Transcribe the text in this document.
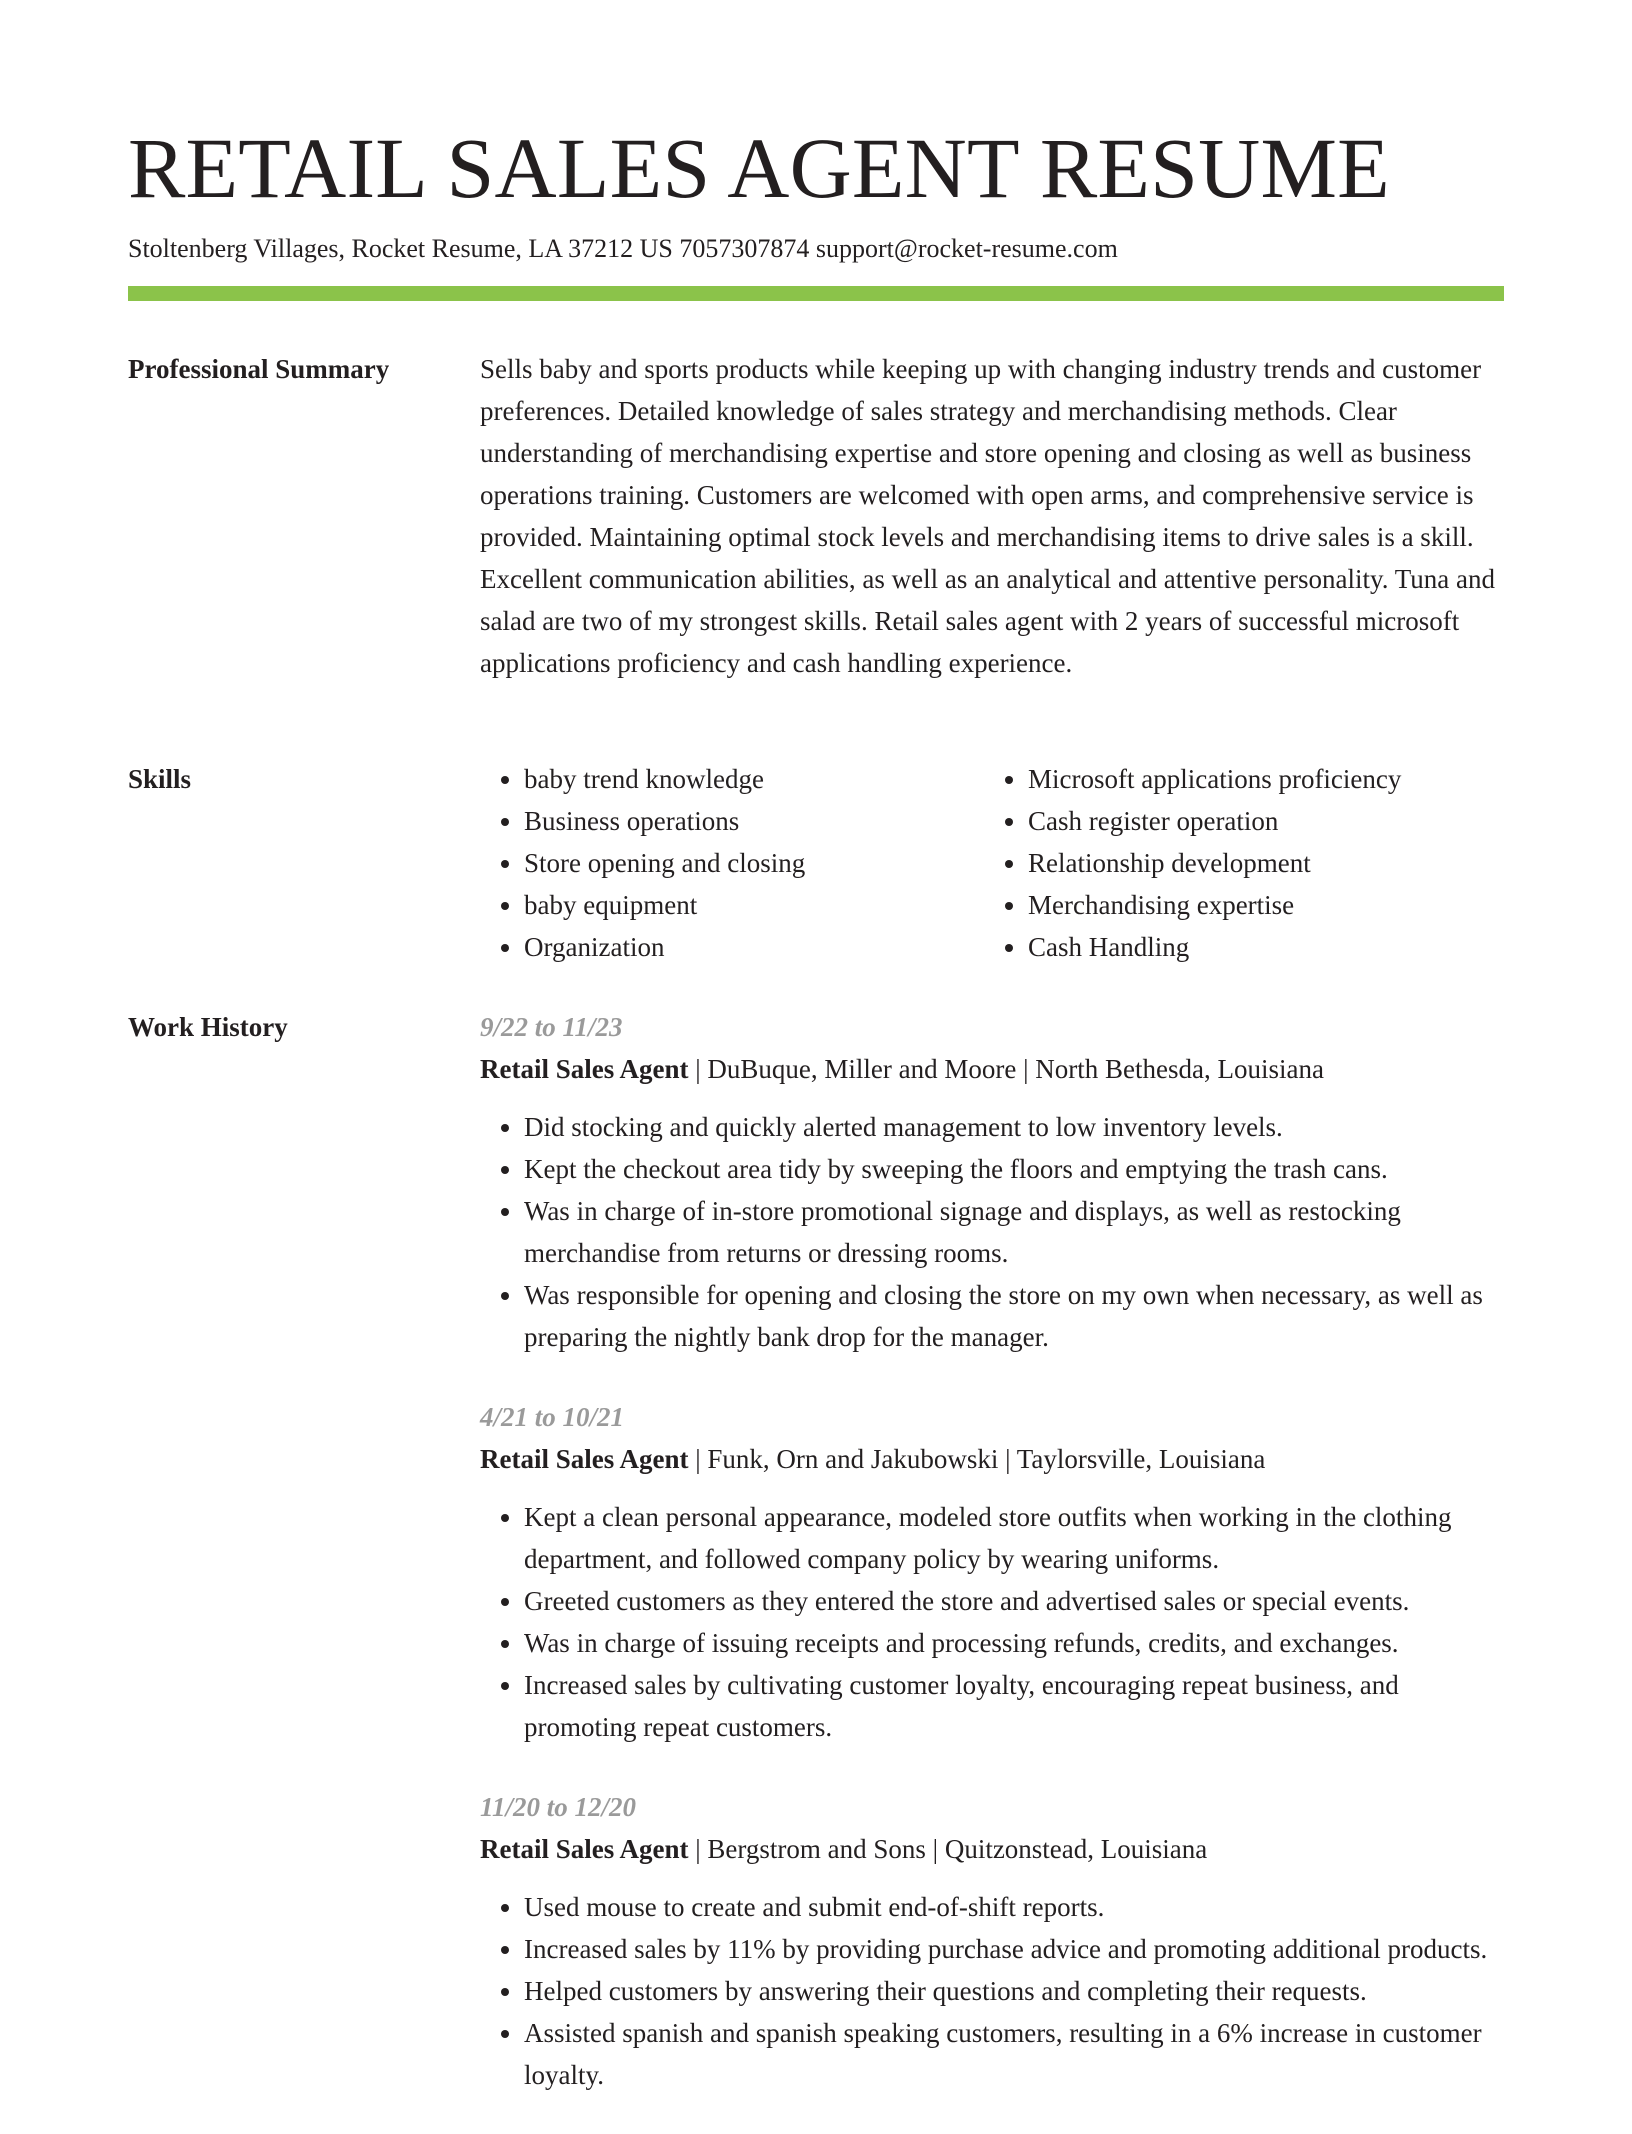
RETAIL SALES AGENT RESUME
Stoltenberg Villages, Rocket Resume, LA 37212 US 7057307874 support@rocket-resume.com
Professional Summary	Sells baby and sports products while keeping up with changing industry trends and customer preferences. Detailed knowledge of sales strategy and merchandising methods. Clear understanding of merchandising expertise and store opening and closing as well as business operations training. Customers are welcomed with open arms, and comprehensive service is provided. Maintaining optimal stock levels and merchandising items to drive sales is a skill. Excellent communication abilities, as well as an analytical and attentive personality. Tuna and salad are two of my strongest skills. Retail sales agent with 2 years of successful microsoft applications proficiency and cash handling experience.

Skills
•	baby trend knowledge
• Business operations
• Store opening and closing
• baby equipment
• Organization
• Microsoft applications proficiency
• Cash register operation
• Relationship development
• Merchandising expertise
• Cash Handling
Work History	9/22 to 11/23
Retail Sales Agent | DuBuque, Miller and Moore | North Bethesda, Louisiana
• Did stocking and quickly alerted management to low inventory levels.
• Kept the checkout area tidy by sweeping the floors and emptying the trash cans.
• Was in charge of in-store promotional signage and displays, as well as restocking merchandise from returns or dressing rooms.
• Was responsible for opening and closing the store on my own when necessary, as well as preparing the nightly bank drop for the manager.
4/21 to 10/21
Retail Sales Agent | Funk, Orn and Jakubowski | Taylorsville, Louisiana
• Kept a clean personal appearance, modeled store outfits when working in the clothing department, and followed company policy by wearing uniforms.
• Greeted customers as they entered the store and advertised sales or special events.
• Was in charge of issuing receipts and processing refunds, credits, and exchanges.
• Increased sales by cultivating customer loyalty, encouraging repeat business, and promoting repeat customers.
11/20 to 12/20
Retail Sales Agent | Bergstrom and Sons | Quitzonstead, Louisiana
• Used mouse to create and submit end-of-shift reports.
• Increased sales by 11% by providing purchase advice and promoting additional products.
• Helped customers by answering their questions and completing their requests.
• Assisted spanish and spanish speaking customers, resulting in a 6% increase in customer loyalty.
